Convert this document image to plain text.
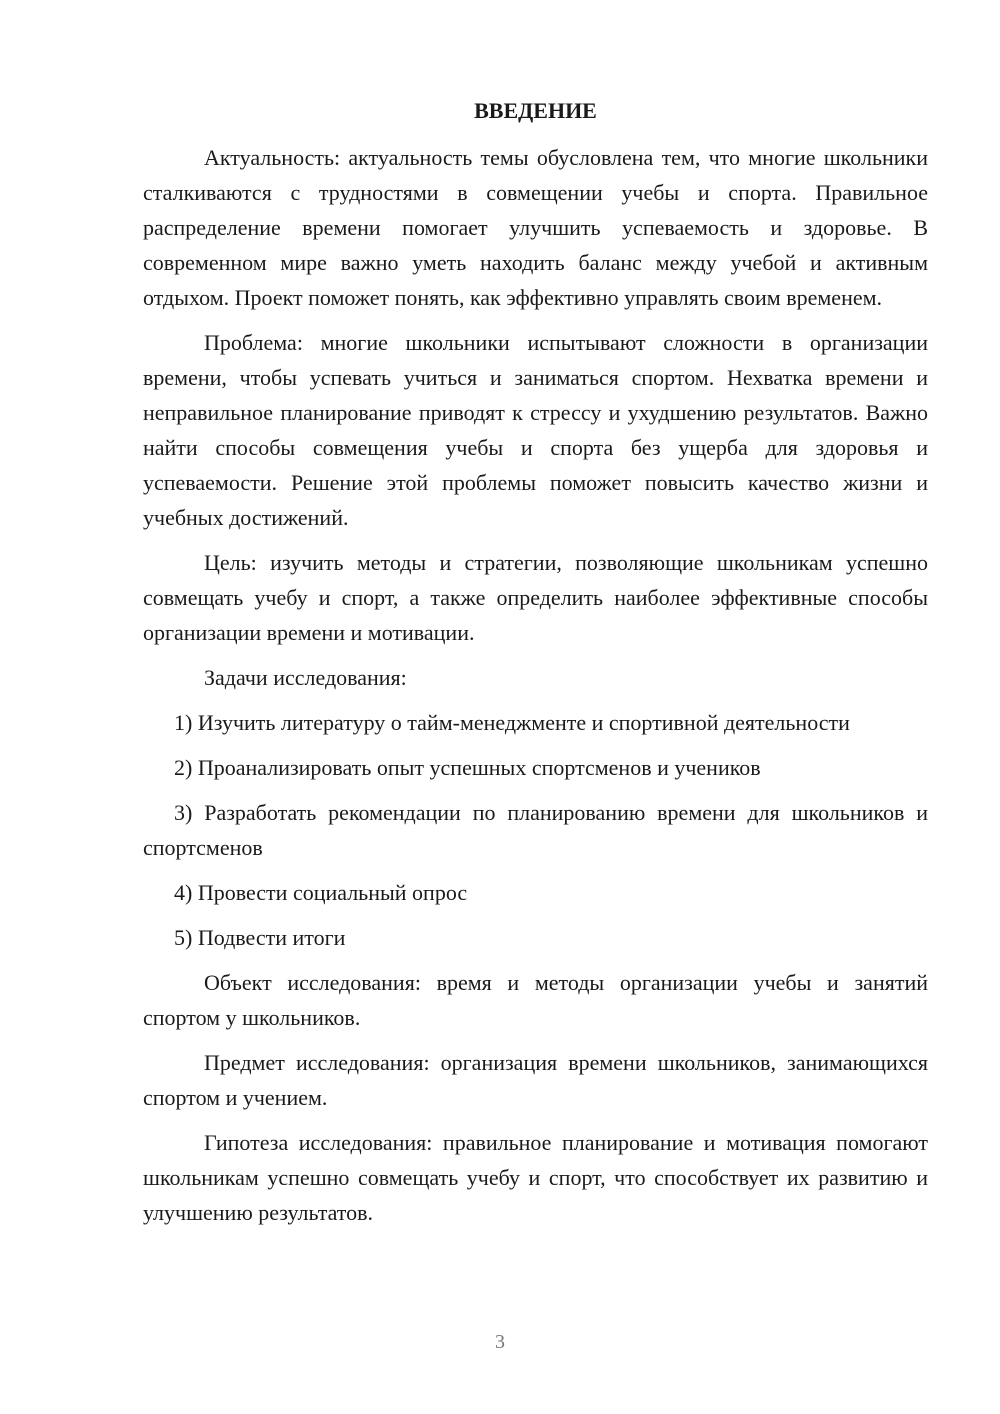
ВВЕДЕНИЕ

Актуальность: актуальность темы обусловлена тем, что многие школьники сталкиваются с трудностями в совмещении учебы и спорта. Правильное распределение времени помогает улучшить успеваемость и здоровье. В современном мире важно уметь находить баланс между учебой и активным отдыхом. Проект поможет понять, как эффективно управлять своим временем.

Проблема: многие школьники испытывают сложности в организации времени, чтобы успевать учиться и заниматься спортом. Нехватка времени и неправильное планирование приводят к стрессу и ухудшению результатов. Важно найти способы совмещения учебы и спорта без ущерба для здоровья и успеваемости. Решение этой проблемы поможет повысить качество жизни и учебных достижений.

Цель: изучить методы и стратегии, позволяющие школьникам успешно совмещать учебу и спорт, а также определить наиболее эффективные способы организации времени и мотивации.

Задачи исследования:

1) Изучить литературу о тайм-менеджменте и спортивной деятельности

2) Проанализировать опыт успешных спортсменов и учеников

3) Разработать рекомендации по планированию времени для школьников и спортсменов

4) Провести социальный опрос

5) Подвести итоги

Объект исследования: время и методы организации учебы и занятий спортом у школьников.

Предмет исследования: организация времени школьников, занимающихся спортом и учением.

Гипотеза исследования: правильное планирование и мотивация помогают школьникам успешно совмещать учебу и спорт, что способствует их развитию и улучшению результатов.

3
